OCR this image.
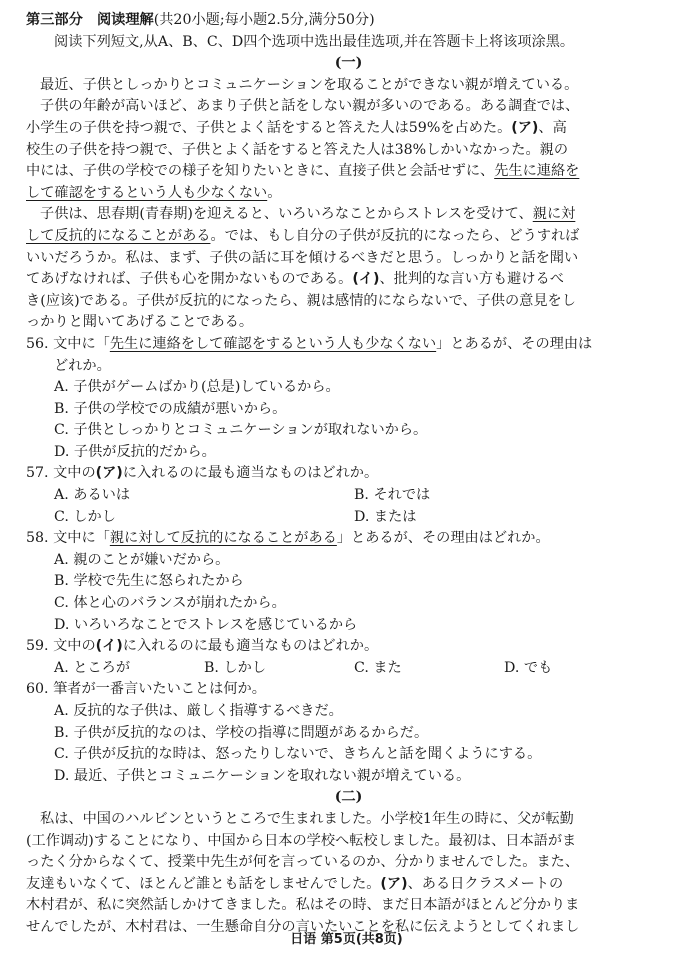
第三部分　阅读理解(共20小题;每小题2.5分,满分50分)
阅读下列短文,从A、B、C、D四个选项中选出最佳选项,并在答题卡上将该项涂黑。
(一)
最近、子供としっかりとコミュニケーションを取ることができない親が増えている。
子供の年齢が高いほど、あまり子供と話をしない親が多いのである。ある調査では、
小学生の子供を持つ親で、子供とよく話をすると答えた人は59%を占めた。(ア)、高
校生の子供を持つ親で、子供とよく話をすると答えた人は38%しかいなかった。親の
中には、子供の学校での様子を知りたいときに、直接子供と会話せずに、先生に連絡を
して確認をするという人も少なくない。
子供は、思春期(青春期)を迎えると、いろいろなことからストレスを受けて、親に対
して反抗的になることがある。では、もし自分の子供が反抗的になったら、どうすれば
いいだろうか。私は、まず、子供の話に耳を傾けるべきだと思う。しっかりと話を聞い
てあげなければ、子供も心を開かないものである。(イ)、批判的な言い方も避けるべ
き(应该)である。子供が反抗的になったら、親は感情的にならないで、子供の意見をし
っかりと聞いてあげることである。
56. 文中に「先生に連絡をして確認をするという人も少なくない」とあるが、その理由は
どれか。
A. 子供がゲームばかり(总是)しているから。
B. 子供の学校での成績が悪いから。
C. 子供としっかりとコミュニケーションが取れないから。
D. 子供が反抗的だから。
57. 文中の(ア)に入れるのに最も適当なものはどれか。
A. あるいは	B. それでは
C. しかし	D. または
58. 文中に「親に対して反抗的になることがある」とあるが、その理由はどれか。
A. 親のことが嫌いだから。
B. 学校で先生に怒られたから
C. 体と心のバランスが崩れたから。
D. いろいろなことでストレスを感じているから
59. 文中の(イ)に入れるのに最も適当なものはどれか。
A. ところが	B. しかし	C. また	D. でも
60. 筆者が一番言いたいことは何か。
A. 反抗的な子供は、厳しく指導するべきだ。
B. 子供が反抗的なのは、学校の指導に問題があるからだ。
C. 子供が反抗的な時は、怒ったりしないで、きちんと話を聞くようにする。
D. 最近、子供とコミュニケーションを取れない親が増えている。
(二)
私は、中国のハルビンというところで生まれました。小学校1年生の時に、父が転勤
(工作调动)することになり、中国から日本の学校へ転校しました。最初は、日本語がま
ったく分からなくて、授業中先生が何を言っているのか、分かりませんでした。また、
友達もいなくて、ほとんど誰とも話をしませんでした。(ア)、ある日クラスメートの
木村君が、私に突然話しかけてきました。私はその時、まだ日本語がほとんど分かりま
せんでしたが、木村君は、一生懸命自分の言いたいことを私に伝えようとしてくれまし
日语 第5页(共8页)
